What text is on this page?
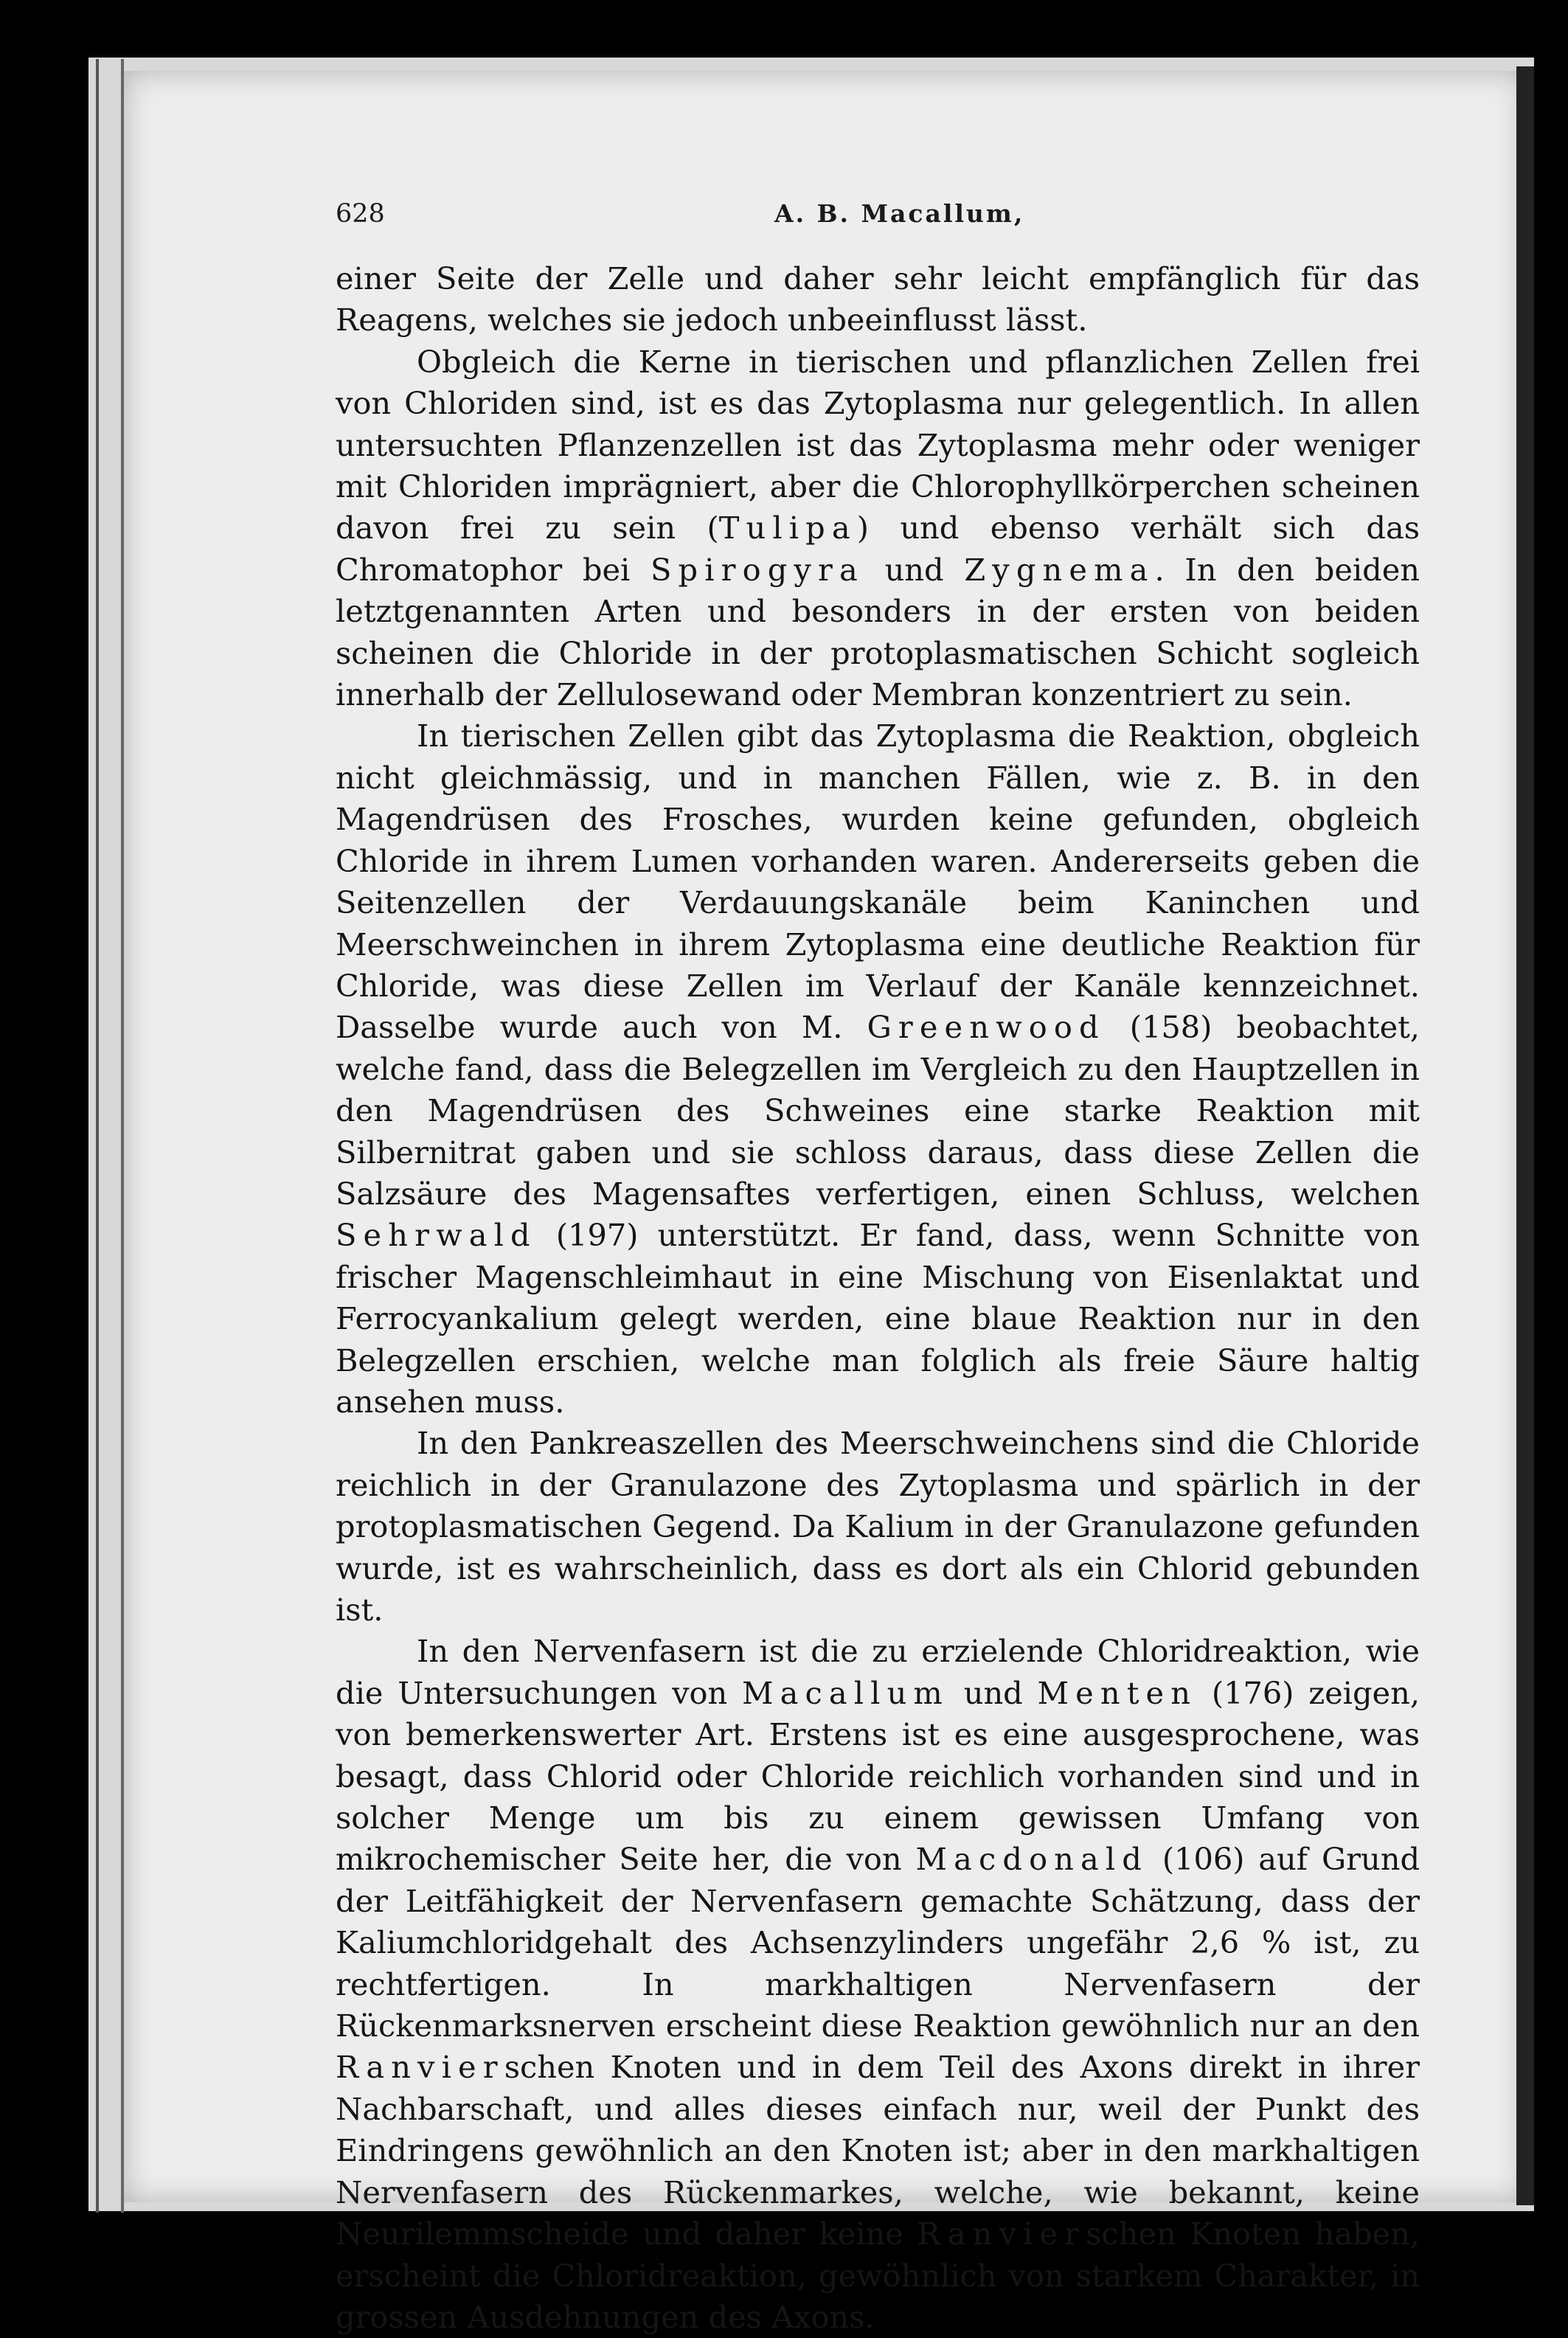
628	A. B. Macallum,

einer Seite der Zelle und daher sehr leicht empfänglich für das Reagens, welches sie jedoch unbeeinflusst lässt.

Obgleich die Kerne in tierischen und pflanzlichen Zellen frei von Chloriden sind, ist es das Zytoplasma nur gelegentlich. In allen untersuchten Pflanzenzellen ist das Zytoplasma mehr oder weniger mit Chloriden imprägniert, aber die Chlorophyllkörperchen scheinen davon frei zu sein (Tulipa) und ebenso verhält sich das Chromatophor bei Spirogyra und Zygnema. In den beiden letztgenannten Arten und besonders in der ersten von beiden scheinen die Chloride in der protoplasmatischen Schicht sogleich innerhalb der Zellulosewand oder Membran konzentriert zu sein.

In tierischen Zellen gibt das Zytoplasma die Reaktion, obgleich nicht gleichmässig, und in manchen Fällen, wie z. B. in den Magendrüsen des Frosches, wurden keine gefunden, obgleich Chloride in ihrem Lumen vorhanden waren. Andererseits geben die Seitenzellen der Verdauungskanäle beim Kaninchen und Meerschweinchen in ihrem Zytoplasma eine deutliche Reaktion für Chloride, was diese Zellen im Verlauf der Kanäle kennzeichnet. Dasselbe wurde auch von M. Greenwood (158) beobachtet, welche fand, dass die Belegzellen im Vergleich zu den Hauptzellen in den Magendrüsen des Schweines eine starke Reaktion mit Silbernitrat gaben und sie schloss daraus, dass diese Zellen die Salzsäure des Magensaftes verfertigen, einen Schluss, welchen Sehrwald (197) unterstützt. Er fand, dass, wenn Schnitte von frischer Magenschleimhaut in eine Mischung von Eisenlaktat und Ferrocyankalium gelegt werden, eine blaue Reaktion nur in den Belegzellen erschien, welche man folglich als freie Säure haltig ansehen muss.

In den Pankreaszellen des Meerschweinchens sind die Chloride reichlich in der Granulazone des Zytoplasma und spärlich in der protoplasmatischen Gegend. Da Kalium in der Granulazone gefunden wurde, ist es wahrscheinlich, dass es dort als ein Chlorid gebunden ist.

In den Nervenfasern ist die zu erzielende Chloridreaktion, wie die Untersuchungen von Macallum und Menten (176) zeigen, von bemerkenswerter Art. Erstens ist es eine ausgesprochene, was besagt, dass Chlorid oder Chloride reichlich vorhanden sind und in solcher Menge um bis zu einem gewissen Umfang von mikrochemischer Seite her, die von Macdonald (106) auf Grund der Leitfähigkeit der Nervenfasern gemachte Schätzung, dass der Kaliumchloridgehalt des Achsenzylinders ungefähr 2,6 % ist, zu rechtfertigen. In markhaltigen Nervenfasern der Rückenmarksnerven erscheint diese Reaktion gewöhnlich nur an den Ranvierschen Knoten und in dem Teil des Axons direkt in ihrer Nachbarschaft, und alles dieses einfach nur, weil der Punkt des Eindringens gewöhnlich an den Knoten ist; aber in den markhaltigen Nervenfasern des Rückenmarkes, welche, wie bekannt, keine Neurilemmscheide und daher keine Ranvierschen Knoten haben, erscheint die Chloridreaktion, gewöhnlich von starkem Charakter, in grossen Ausdehnungen des Axons.
